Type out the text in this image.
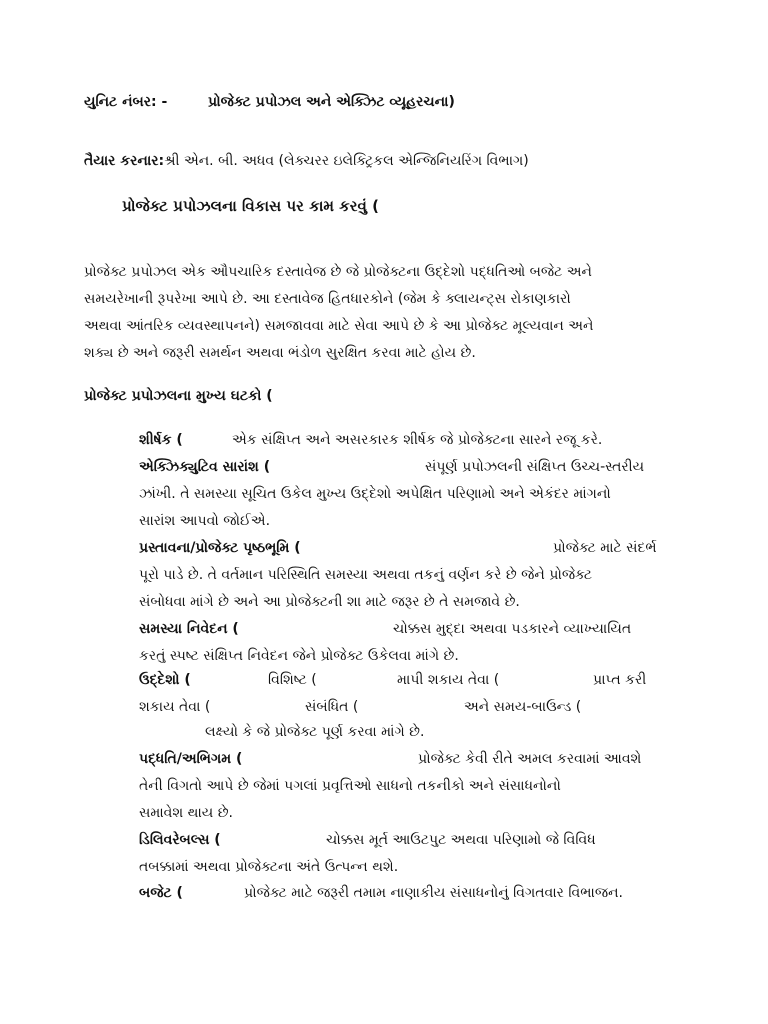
યુનિટ નંબર: -	પ્રોજેક્ટ પ્રપોઝલ અને એક્ઝિટ વ્યૂહરચના)
તૈયાર કરનાર:શ્રી એન. બી. અધવ (લેક્ચરર ઇલેક્ટ્રિકલ એન્જિનિયરિંગ વિભાગ)
પ્રોજેક્ટ પ્રપોઝલના વિકાસ પર કામ કરવું (
પ્રોજેક્ટ પ્રપોઝલ એક ઔપચારિક દસ્તાવેજ છે જે પ્રોજેક્ટના ઉદ્દેશો પદ્ધતિઓ બજેટ અને
સમયરેખાની રૂપરેખા આપે છે. આ દસ્તાવેજ હિતધારકોને (જેમ કે ક્લાયન્ટ્સ રોકાણકારો
અથવા આંતરિક વ્યવસ્થાપનને) સમજાવવા માટે સેવા આપે છે કે આ પ્રોજેક્ટ મૂલ્યવાન અને
શક્ય છે અને જરૂરી સમર્થન અથવા ભંડોળ સુરક્ષિત કરવા માટે હોય છે.
પ્રોજેક્ટ પ્રપોઝલના મુખ્ય ઘટકો (
શીર્ષક (	એક સંક્ષિપ્ત અને અસરકારક શીર્ષક જે પ્રોજેક્ટના સારને રજૂ કરે.
એક્ઝિક્યુટિવ સારાંશ (	સંપૂર્ણ પ્રપોઝલની સંક્ષિપ્ત ઉચ્ચ-સ્તરીય
ઝાંખી. તે સમસ્યા સૂચિત ઉકેલ મુખ્ય ઉદ્દેશો અપેક્ષિત પરિણામો અને એકંદર માંગનો
સારાંશ આપવો જોઈએ.
પ્રસ્તાવના/પ્રોજેક્ટ પૃષ્ઠભૂમિ (	પ્રોજેક્ટ માટે સંદર્ભ
પૂરો પાડે છે. તે વર્તમાન પરિસ્થિતિ સમસ્યા અથવા તકનું વર્ણન કરે છે જેને પ્રોજેક્ટ
સંબોધવા માંગે છે અને આ પ્રોજેક્ટની શા માટે જરૂર છે તે સમજાવે છે.
સમસ્યા નિવેદન (	ચોક્કસ મુદ્દા અથવા પડકારને વ્યાખ્યાયિત
કરતું સ્પષ્ટ સંક્ષિપ્ત નિવેદન જેને પ્રોજેક્ટ ઉકેલવા માંગે છે.
ઉદ્દેશો (	વિશિષ્ટ (	માપી શકાય તેવા (	પ્રાપ્ત કરી
શકાય તેવા (	સંબંધિત (	અને સમય-બાઉન્ડ (
લક્ષ્યો કે જે પ્રોજેક્ટ પૂર્ણ કરવા માંગે છે.
પદ્ધતિ/અભિગમ (	પ્રોજેક્ટ કેવી રીતે અમલ કરવામાં આવશે
તેની વિગતો આપે છે જેમાં પગલાં પ્રવૃત્તિઓ સાધનો તકનીકો અને સંસાધનોનો
સમાવેશ થાય છે.
ડિલિવરેબલ્સ (	ચોક્કસ મૂર્ત આઉટપુટ અથવા પરિણામો જે વિવિધ
તબક્કામાં અથવા પ્રોજેક્ટના અંતે ઉત્પન્ન થશે.
બજેટ (	પ્રોજેક્ટ માટે જરૂરી તમામ નાણાકીય સંસાધનોનું વિગતવાર વિભાજન.
